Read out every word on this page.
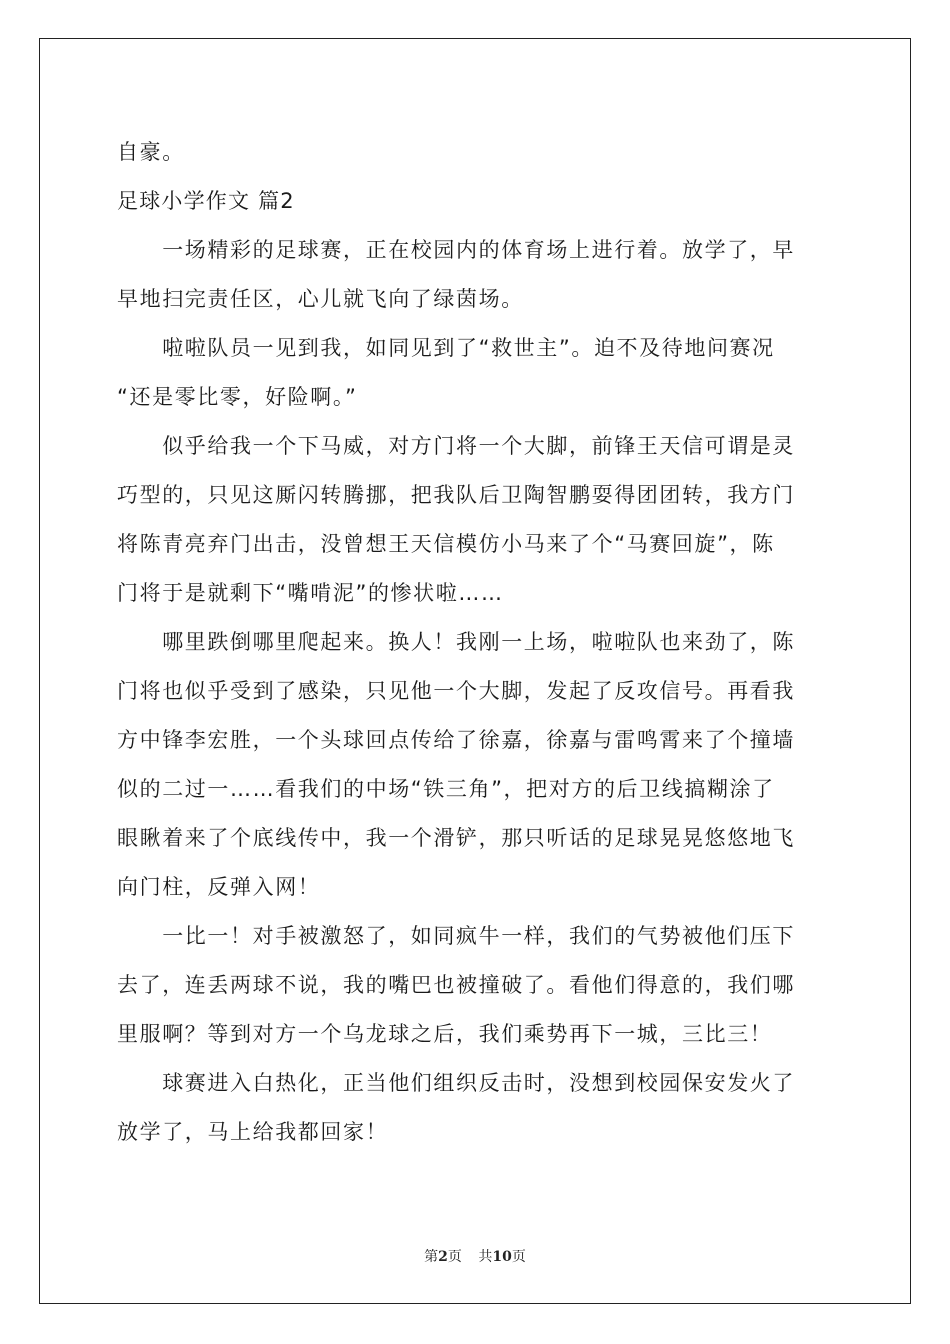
自豪。
足球小学作文 篇2
　　一场精彩的足球赛，正在校园内的体育场上进行着。放学了，早
早地扫完责任区，心儿就飞向了绿茵场。
　　啦啦队员一见到我，如同见到了“救世主”。迫不及待地问赛况
“还是零比零，好险啊。”
　　似乎给我一个下马威，对方门将一个大脚，前锋王天信可谓是灵
巧型的，只见这厮闪转腾挪，把我队后卫陶智鹏耍得团团转，我方门
将陈青亮弃门出击，没曾想王天信模仿小马来了个“马赛回旋”，陈
门将于是就剩下“嘴啃泥”的惨状啦……
　　哪里跌倒哪里爬起来。换人！我刚一上场，啦啦队也来劲了，陈
门将也似乎受到了感染，只见他一个大脚，发起了反攻信号。再看我
方中锋李宏胜，一个头球回点传给了徐嘉，徐嘉与雷鸣霄来了个撞墙
似的二过一……看我们的中场“铁三角”，把对方的后卫线搞糊涂了
眼瞅着来了个底线传中，我一个滑铲，那只听话的足球晃晃悠悠地飞
向门柱，反弹入网！
　　一比一！对手被激怒了，如同疯牛一样，我们的气势被他们压下
去了，连丢两球不说，我的嘴巴也被撞破了。看他们得意的，我们哪
里服啊？等到对方一个乌龙球之后，我们乘势再下一城，三比三！
　　球赛进入白热化，正当他们组织反击时，没想到校园保安发火了
放学了，马上给我都回家！
第2页 共10页
